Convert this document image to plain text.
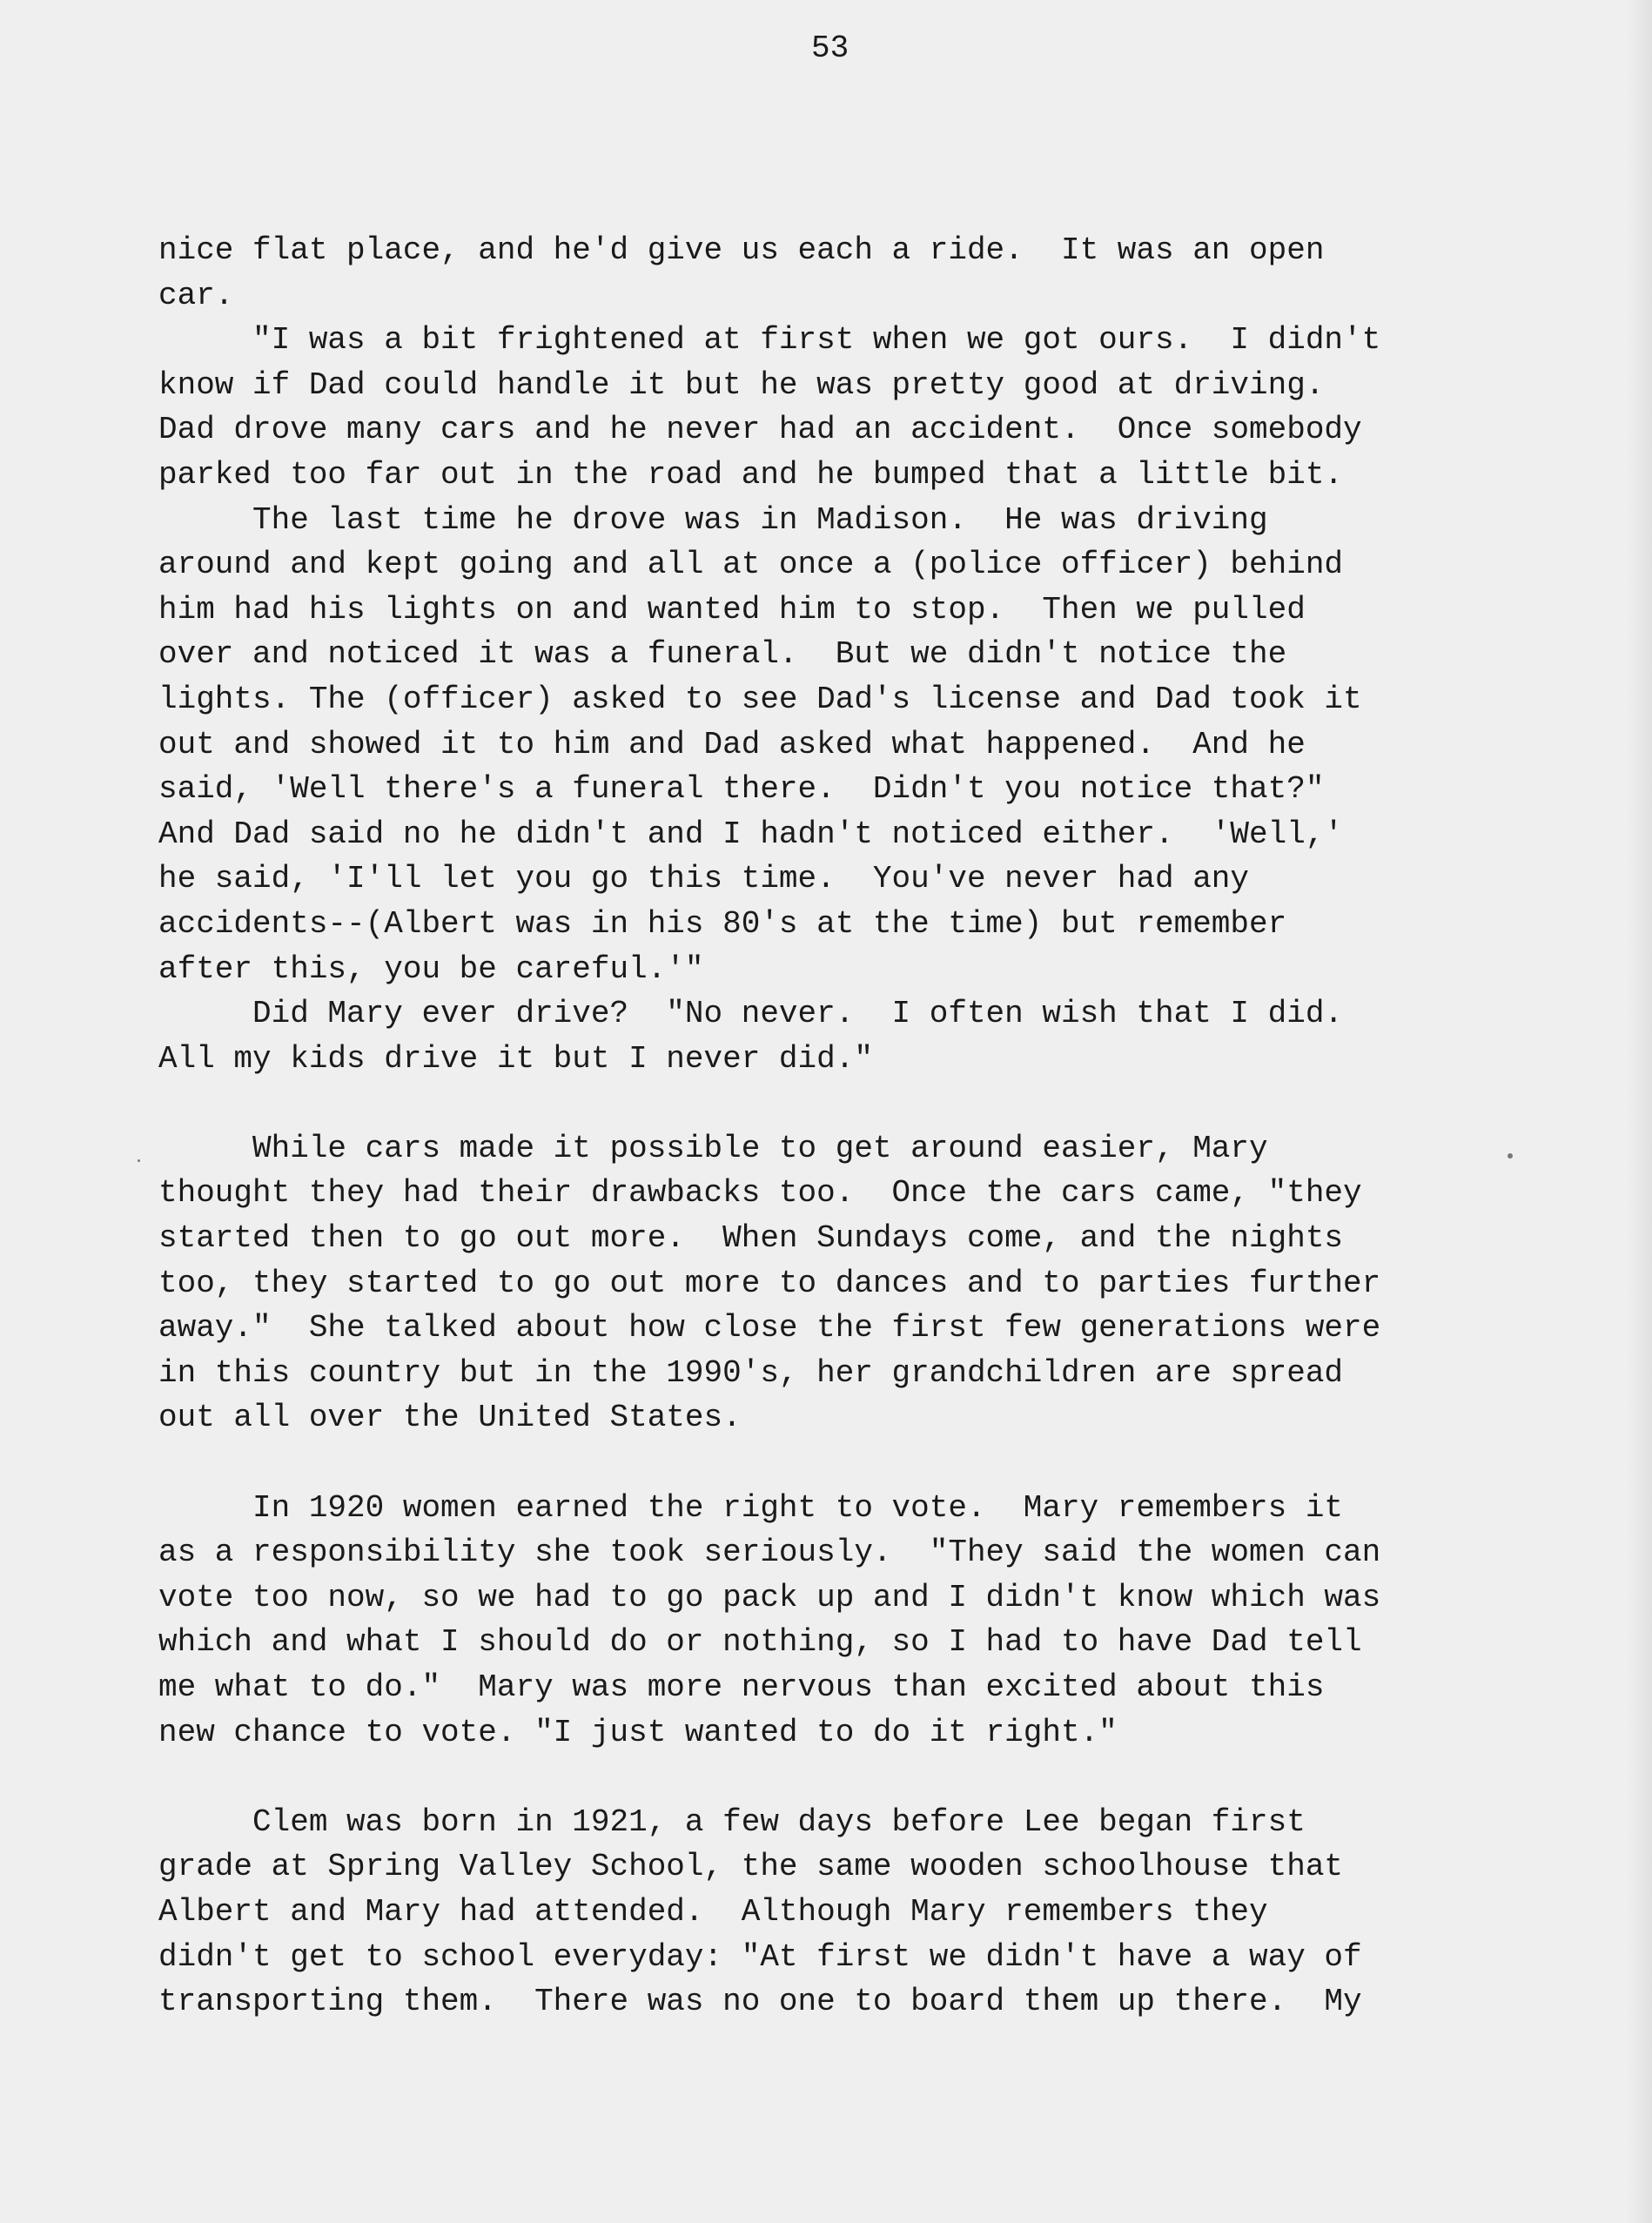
53
nice flat place, and he'd give us each a ride.  It was an open
car.
"I was a bit frightened at first when we got ours.  I didn't
know if Dad could handle it but he was pretty good at driving.
Dad drove many cars and he never had an accident.  Once somebody
parked too far out in the road and he bumped that a little bit.
The last time he drove was in Madison.  He was driving
around and kept going and all at once a (police officer) behind
him had his lights on and wanted him to stop.  Then we pulled
over and noticed it was a funeral.  But we didn't notice the
lights. The (officer) asked to see Dad's license and Dad took it
out and showed it to him and Dad asked what happened.  And he
said, 'Well there's a funeral there.  Didn't you notice that?"
And Dad said no he didn't and I hadn't noticed either.  'Well,'
he said, 'I'll let you go this time.  You've never had any
accidents--(Albert was in his 80's at the time) but remember
after this, you be careful.'"
Did Mary ever drive?  "No never.  I often wish that I did.
All my kids drive it but I never did."
While cars made it possible to get around easier, Mary
thought they had their drawbacks too.  Once the cars came, "they
started then to go out more.  When Sundays come, and the nights
too, they started to go out more to dances and to parties further
away."  She talked about how close the first few generations were
in this country but in the 1990's, her grandchildren are spread
out all over the United States.
In 1920 women earned the right to vote.  Mary remembers it
as a responsibility she took seriously.  "They said the women can
vote too now, so we had to go pack up and I didn't know which was
which and what I should do or nothing, so I had to have Dad tell
me what to do."  Mary was more nervous than excited about this
new chance to vote. "I just wanted to do it right."
Clem was born in 1921, a few days before Lee began first
grade at Spring Valley School, the same wooden schoolhouse that
Albert and Mary had attended.  Although Mary remembers they
didn't get to school everyday: "At first we didn't have a way of
transporting them.  There was no one to board them up there.  My
